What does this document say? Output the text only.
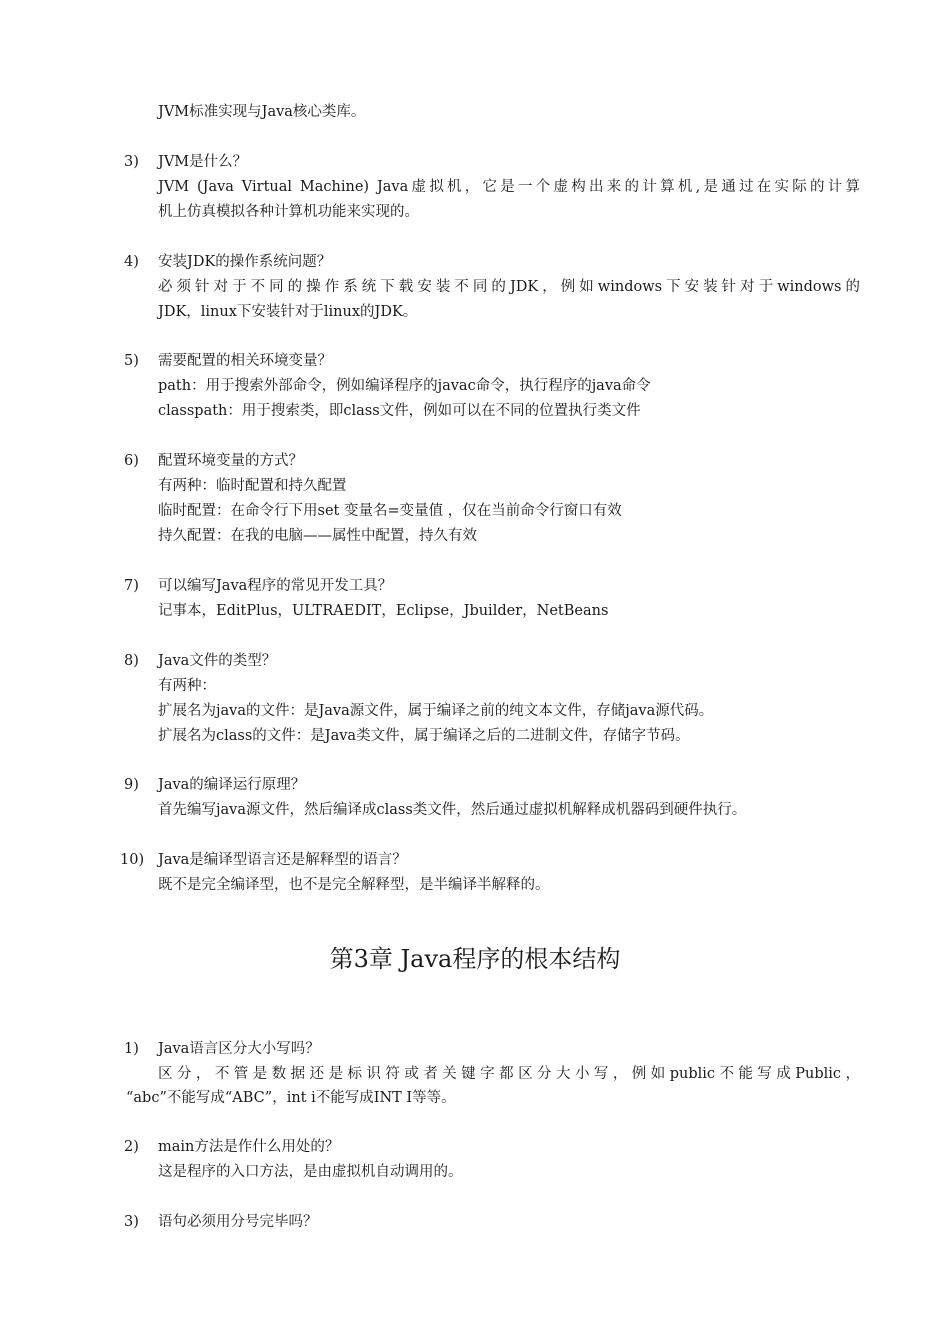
JVM标准实现与Java核心类库。
3) JVM是什么？
JVM (Java Virtual Machine) Java虚拟机，它是一个虚构出来的计算机,是通过在实际的计算
机上仿真模拟各种计算机功能来实现的。
4) 安装JDK的操作系统问题？
必须针对于不同的操作系统下载安装不同的JDK，例如windows下安装针对于windows的
JDK，linux下安装针对于linux的JDK。
5) 需要配置的相关环境变量？
path：用于搜索外部命令，例如编译程序的javac命令，执行程序的java命令
classpath：用于搜索类，即class文件，例如可以在不同的位置执行类文件
6) 配置环境变量的方式？
有两种：临时配置和持久配置
临时配置：在命令行下用set 变量名=变量值 ，仅在当前命令行窗口有效
持久配置：在我的电脑——属性中配置，持久有效
7) 可以编写Java程序的常见开发工具？
记事本，EditPlus，ULTRAEDIT，Eclipse，Jbuilder，NetBeans
8) Java文件的类型？
有两种：
扩展名为java的文件：是Java源文件，属于编译之前的纯文本文件，存储java源代码。
扩展名为class的文件：是Java类文件，属于编译之后的二进制文件，存储字节码。
9) Java的编译运行原理？
首先编写java源文件，然后编译成class类文件，然后通过虚拟机解释成机器码到硬件执行。
10) Java是编译型语言还是解释型的语言？
既不是完全编译型，也不是完全解释型，是半编译半解释的。
第3章 Java程序的根本结构
1) Java语言区分大小写吗？
区分，不管是数据还是标识符或者关键字都区分大小写，例如public不能写成Public，
“abc”不能写成“ABC”，int i不能写成INT I等等。
2) main方法是作什么用处的？
这是程序的入口方法，是由虚拟机自动调用的。
3) 语句必须用分号完毕吗？
